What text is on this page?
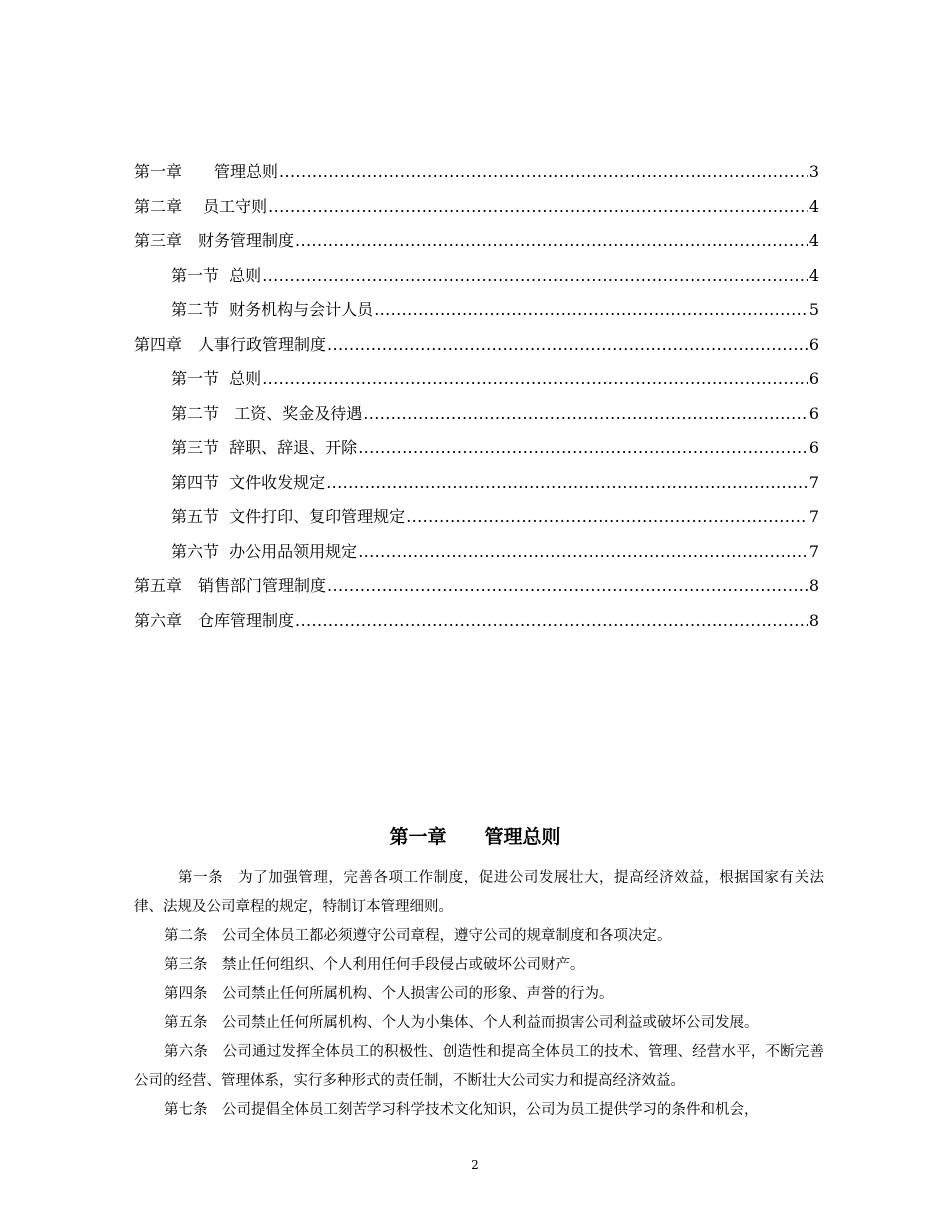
第一章　　管理总则 .....	3
第二章　 员工守则 .....	4
第三章　财务管理制度 .....	4
第一节  总则 .....	4
第二节  财务机构与会计人员 .....	5
第四章　人事行政管理制度 .....	6
第一节  总则 .....	6
第二节   工资、奖金及待遇 .....	6
第三节  辞职、辞退、开除 .....	6
第四节  文件收发规定 .....	7
第五节  文件打印、复印管理规定 .....	7
第六节  办公用品领用规定 .....	7
第五章　销售部门管理制度 .....	8
第六章　仓库管理制度 .....	8
第一章　　管理总则

第一条　为了加强管理，完善各项工作制度，促进公司发展壮大，提高经济效益，根据国家有关法律、法规及公司章程的规定，特制订本管理细则。

第二条　公司全体员工都必须遵守公司章程，遵守公司的规章制度和各项决定。

第三条　禁止任何组织、个人利用任何手段侵占或破坏公司财产。

第四条　公司禁止任何所属机构、个人损害公司的形象、声誉的行为。

第五条　公司禁止任何所属机构、个人为小集体、个人利益而损害公司利益或破坏公司发展。

第六条　公司通过发挥全体员工的积极性、创造性和提高全体员工的技术、管理、经营水平，不断完善公司的经营、管理体系，实行多种形式的责任制，不断壮大公司实力和提高经济效益。

第七条　公司提倡全体员工刻苦学习科学技术文化知识，公司为员工提供学习的条件和机会，

2
